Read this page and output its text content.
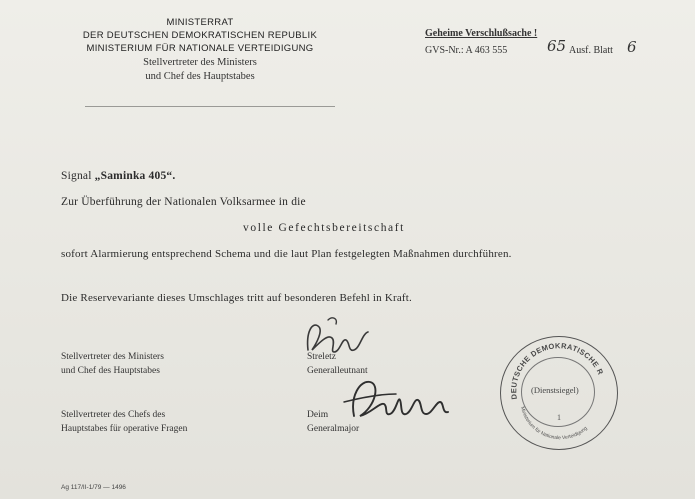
MINISTERRAT
DER DEUTSCHEN DEMOKRATISCHEN REPUBLIK
MINISTERIUM FÜR NATIONALE VERTEIDIGUNG
Stellvertreter des Ministers
und Chef des Hauptstabes
Geheime Verschlußsache !
GVS-Nr.: A 463 555	65 Ausf. Blatt 6
Signal „Saminka 405“.
Zur Überführung der Nationalen Volksarmee in die
volle Gefechtsbereitschaft
sofort Alarmierung entsprechend Schema und die laut Plan festgelegten Maßnahmen durchführen.
Die Reservevariante dieses Umschlages tritt auf besonderen Befehl in Kraft.
Stellvertreter des Ministers
und Chef des Hauptstabes
Streletz
Generalleutnant
Stellvertreter des Chefs des
Hauptstabes für operative Fragen
Deim
Generalmajor
DEUTSCHE DEMOKRATISCHE R
Ministerium für Nationale Verteidigung
(Dienstsiegel)
1
Ag 117/II-1/79 — 1496
